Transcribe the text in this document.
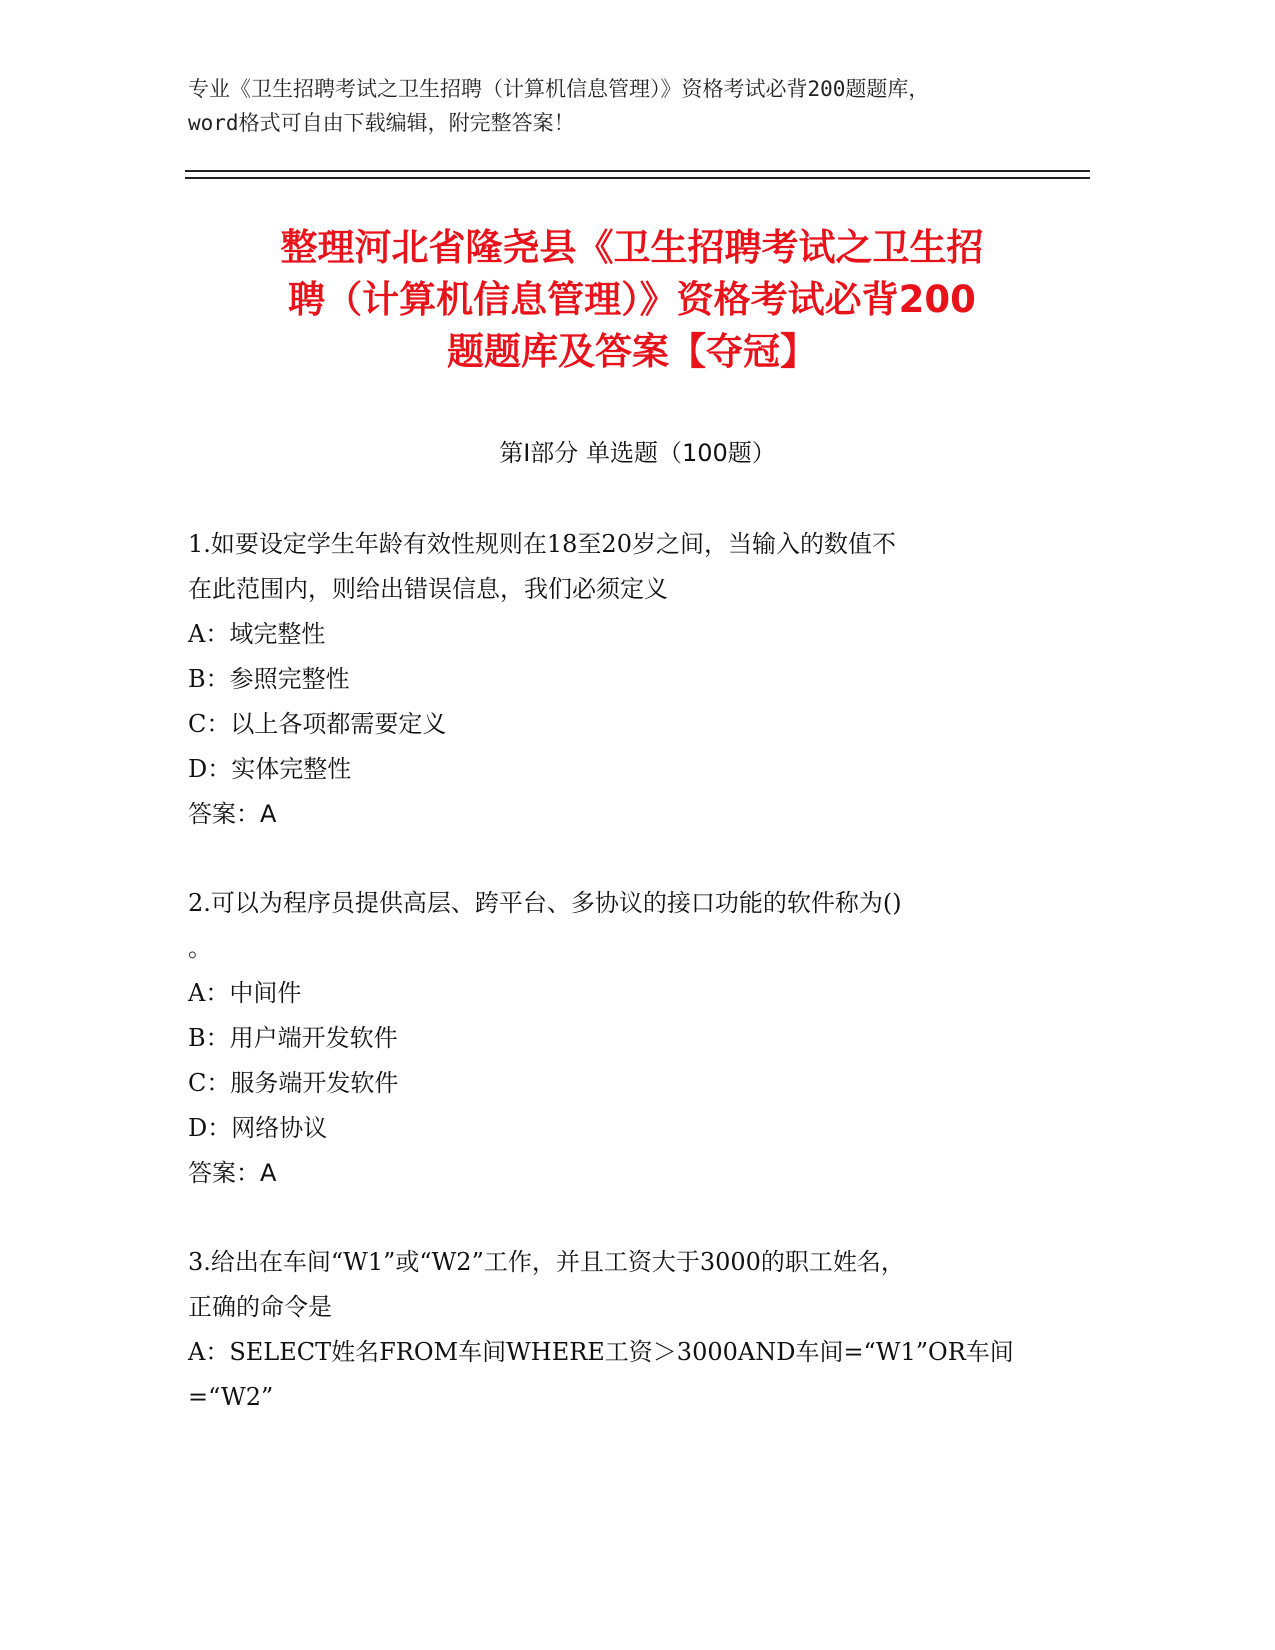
专业《卫生招聘考试之卫生招聘（计算机信息管理）》资格考试必背200题题库，
word格式可自由下载编辑，附完整答案！
整理河北省隆尧县《卫生招聘考试之卫生招
聘（计算机信息管理）》资格考试必背200
题题库及答案【夺冠】
第Ⅰ部分 单选题（100题）
1.如要设定学生年龄有效性规则在18至20岁之间，当输入的数值不
在此范围内，则给出错误信息，我们必须定义
A：域完整性
B：参照完整性
C：以上各项都需要定义
D：实体完整性
答案：A
2.可以为程序员提供高层、跨平台、多协议的接口功能的软件称为()
。
A：中间件
B：用户端开发软件
C：服务端开发软件
D：网络协议
答案：A
3.给出在车间“W1”或“W2”工作，并且工资大于3000的职工姓名，
正确的命令是
A：SELECT姓名FROM车间WHERE工资＞3000AND车间=“W1”OR车间
=“W2”
